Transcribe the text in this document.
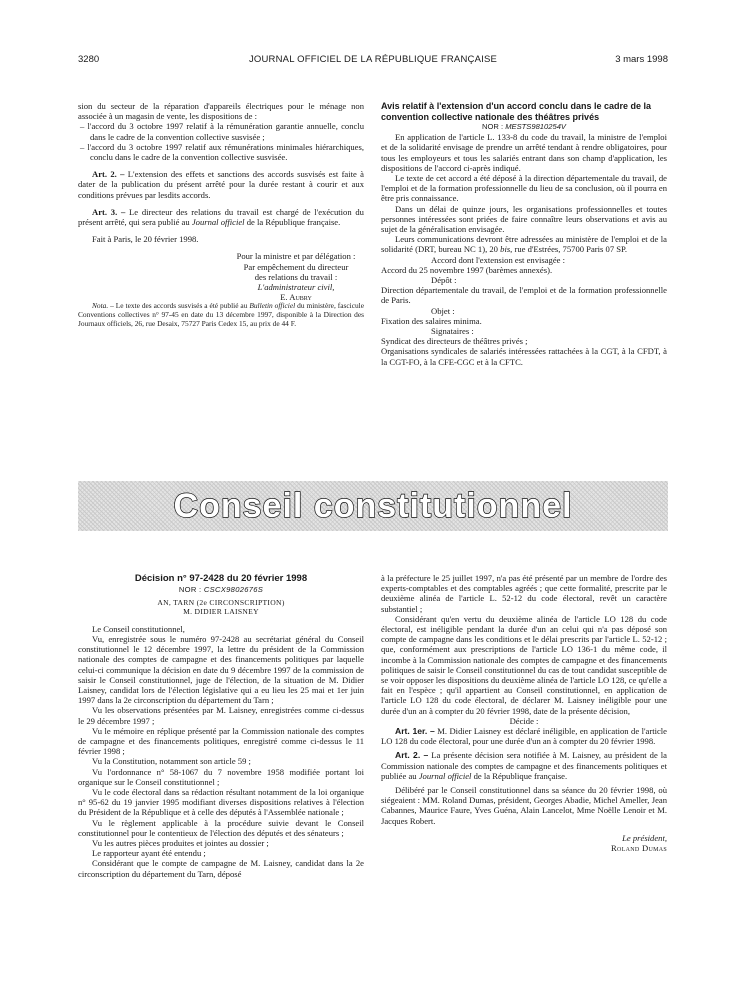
3280	JOURNAL OFFICIEL DE LA RÉPUBLIQUE FRANÇAISE	3 mars 1998

sion du secteur de la réparation d'appareils électriques pour le ménage non associée à un magasin de vente, les dispositions de :

– l'accord du 3 octobre 1997 relatif à la rémunération garantie annuelle, conclu dans le cadre de la convention collective susvisée ;

– l'accord du 3 octobre 1997 relatif aux rémunérations minimales hiérarchiques, conclu dans le cadre de la convention collective susvisée.

Art. 2. – L'extension des effets et sanctions des accords susvisés est faite à dater de la publication du présent arrêté pour la durée restant à courir et aux conditions prévues par lesdits accords.

Art. 3. – Le directeur des relations du travail est chargé de l'exécution du présent arrêté, qui sera publié au Journal officiel de la République française.

Fait à Paris, le 20 février 1998.

Pour la ministre et par délégation :

Par empêchement du directeur

des relations du travail :

L'administrateur civil,

E. Aubry

Nota. – Le texte des accords susvisés a été publié au Bulletin officiel du ministère, fascicule Conventions collectives n° 97-45 en date du 13 décembre 1997, disponible à la Direction des Journaux officiels, 26, rue Desaix, 75727 Paris Cedex 15, au prix de 44 F.

Avis relatif à l'extension d'un accord conclu dans le cadre de la convention collective nationale des théâtres privés

NOR : MESTS9810254V

En application de l'article L. 133-8 du code du travail, la ministre de l'emploi et de la solidarité envisage de prendre un arrêté tendant à rendre obligatoires, pour tous les employeurs et tous les salariés entrant dans son champ d'application, les dispositions de l'accord ci-après indiqué.

Le texte de cet accord a été déposé à la direction départementale du travail, de l'emploi et de la formation professionnelle du lieu de sa conclusion, où il pourra en être pris connaissance.

Dans un délai de quinze jours, les organisations professionnelles et toutes personnes intéressées sont priées de faire connaître leurs observations et avis au sujet de la généralisation envisagée.

Leurs communications devront être adressées au ministère de l'emploi et de la solidarité (DRT, bureau NC 1), 20 bis, rue d'Estrées, 75700 Paris 07 SP.

Accord dont l'extension est envisagée :

Accord du 25 novembre 1997 (barèmes annexés).

Dépôt :

Direction départementale du travail, de l'emploi et de la formation professionnelle de Paris.

Objet :

Fixation des salaires minima.

Signataires :

Syndicat des directeurs de théâtres privés ;

Organisations syndicales de salariés intéressées rattachées à la CGT, à la CFDT, à la CGT-FO, à la CFE-CGC et à la CFTC.

Conseil constitutionnel

Décision n° 97-2428 du 20 février 1998

NOR : CSCX9802676S

AN, TARN (2e CIRCONSCRIPTION)

M. DIDIER LAISNEY

Le Conseil constitutionnel,

Vu, enregistrée sous le numéro 97-2428 au secrétariat général du Conseil constitutionnel le 12 décembre 1997, la lettre du président de la Commission nationale des comptes de campagne et des financements politiques par laquelle celui-ci communique la décision en date du 9 décembre 1997 de la commission de saisir le Conseil constitutionnel, juge de l'élection, de la situation de M. Didier Laisney, candidat lors de l'élection législative qui a eu lieu les 25 mai et 1er juin 1997 dans la 2e circonscription du département du Tarn ;

Vu les observations présentées par M. Laisney, enregistrées comme ci-dessus le 29 décembre 1997 ;

Vu le mémoire en réplique présenté par la Commission nationale des comptes de campagne et des financements politiques, enregistré comme ci-dessus le 11 février 1998 ;

Vu la Constitution, notamment son article 59 ;

Vu l'ordonnance n° 58-1067 du 7 novembre 1958 modifiée portant loi organique sur le Conseil constitutionnel ;

Vu le code électoral dans sa rédaction résultant notamment de la loi organique n° 95-62 du 19 janvier 1995 modifiant diverses dispositions relatives à l'élection du Président de la République et à celle des députés à l'Assemblée nationale ;

Vu le règlement applicable à la procédure suivie devant le Conseil constitutionnel pour le contentieux de l'élection des députés et des sénateurs ;

Vu les autres pièces produites et jointes au dossier ;

Le rapporteur ayant été entendu ;

Considérant que le compte de campagne de M. Laisney, candidat dans la 2e circonscription du département du Tarn, déposé

à la préfecture le 25 juillet 1997, n'a pas été présenté par un membre de l'ordre des experts-comptables et des comptables agréés ; que cette formalité, prescrite par le deuxième alinéa de l'article L. 52-12 du code électoral, revêt un caractère substantiel ;

Considérant qu'en vertu du deuxième alinéa de l'article LO 128 du code électoral, est inéligible pendant la durée d'un an celui qui n'a pas déposé son compte de campagne dans les conditions et le délai prescrits par l'article L. 52-12 ; que, conformément aux prescriptions de l'article LO 136-1 du même code, il incombe à la Commission nationale des comptes de campagne et des financements politiques de saisir le Conseil constitutionnel du cas de tout candidat susceptible de se voir opposer les dispositions du deuxième alinéa de l'article LO 128, ce qu'elle a fait en l'espèce ; qu'il appartient au Conseil constitutionnel, en application de l'article LO 128 du code électoral, de déclarer M. Laisney inéligible pour une durée d'un an à compter du 20 février 1998, date de la présente décision,

Décide :

Art. 1er. – M. Didier Laisney est déclaré inéligible, en application de l'article LO 128 du code électoral, pour une durée d'un an à compter du 20 février 1998.

Art. 2. – La présente décision sera notifiée à M. Laisney, au président de la Commission nationale des comptes de campagne et des financements politiques et publiée au Journal officiel de la République française.

Délibéré par le Conseil constitutionnel dans sa séance du 20 février 1998, où siégeaient : MM. Roland Dumas, président, Georges Abadie, Michel Ameller, Jean Cabannes, Maurice Faure, Yves Guéna, Alain Lancelot, Mme Noëlle Lenoir et M. Jacques Robert.

Le président,

Roland Dumas
